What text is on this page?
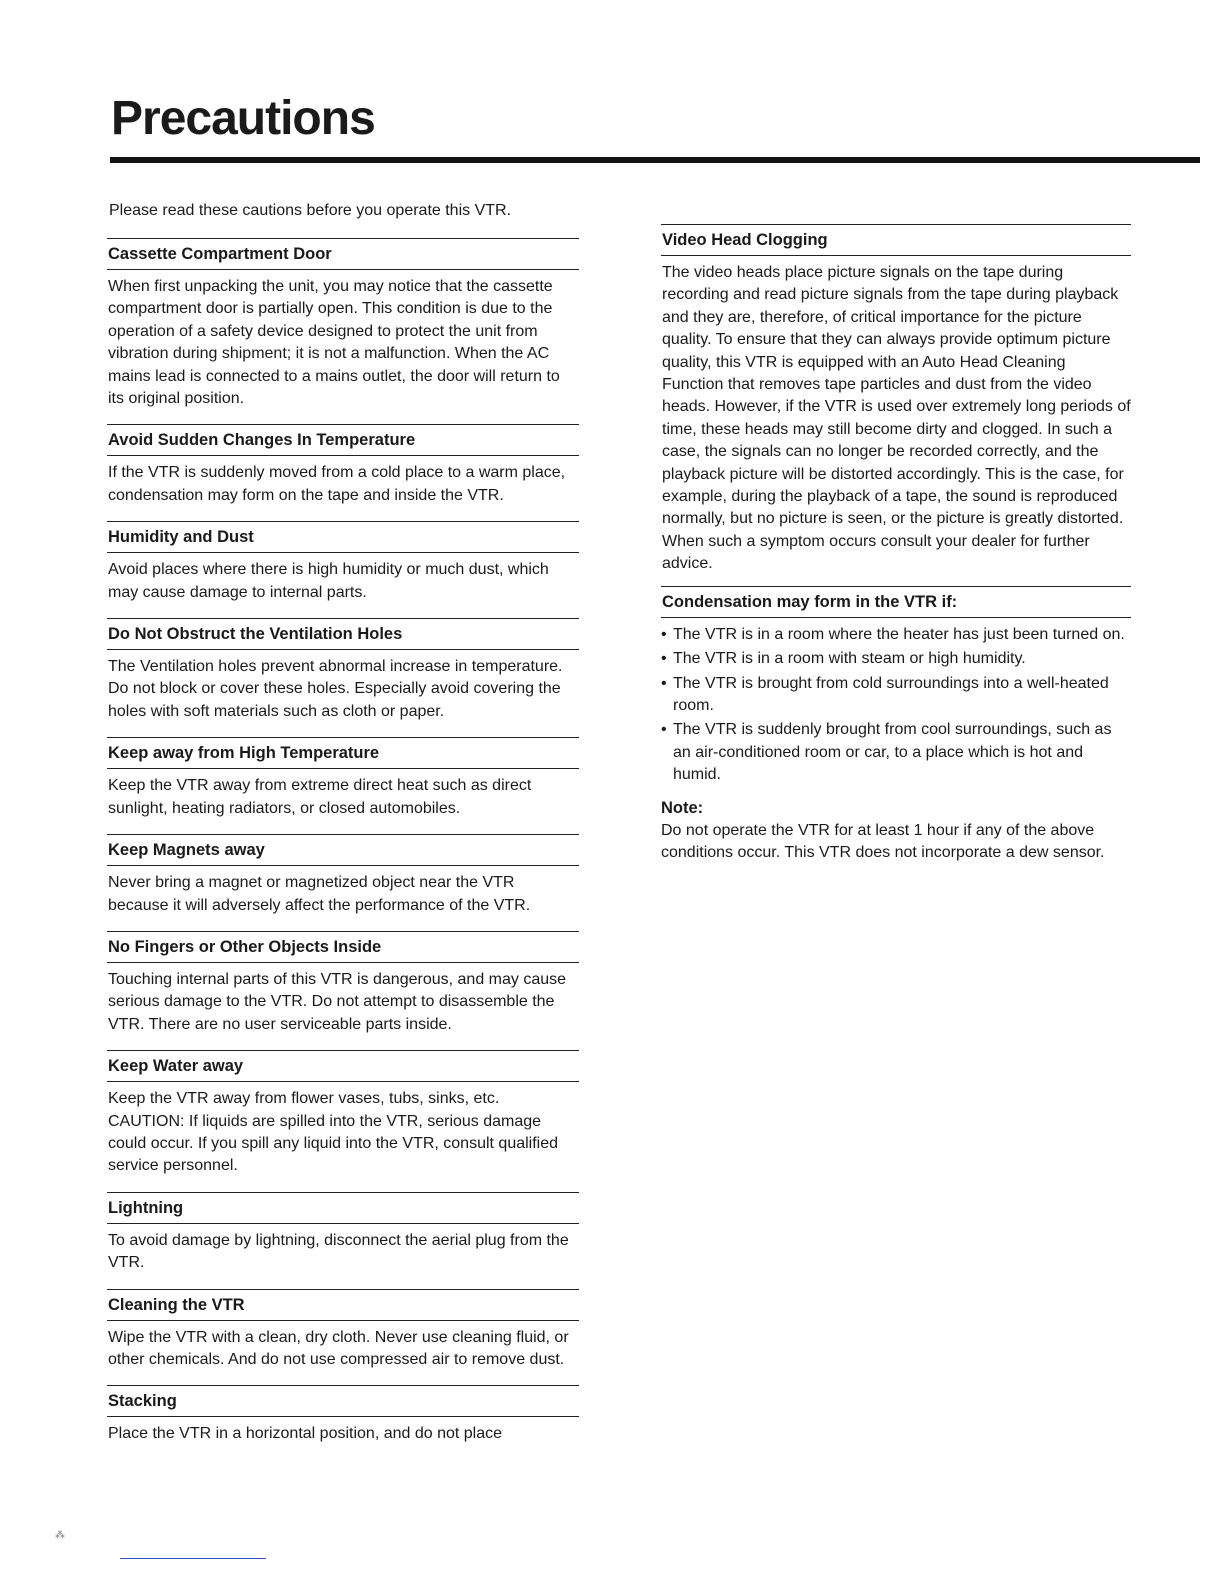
Precautions

Please read these cautions before you operate this VTR.

Cassette Compartment Door

When first unpacking the unit, you may notice that the cassette compartment door is partially open. This condition is due to the operation of a safety device designed to protect the unit from vibration during shipment; it is not a malfunction. When the AC mains lead is connected to a mains outlet, the door will return to its original position.

Avoid Sudden Changes In Temperature

If the VTR is suddenly moved from a cold place to a warm place, condensation may form on the tape and inside the VTR.

Humidity and Dust

Avoid places where there is high humidity or much dust, which may cause damage to internal parts.

Do Not Obstruct the Ventilation Holes

The Ventilation holes prevent abnormal increase in temperature. Do not block or cover these holes. Especially avoid covering the holes with soft materials such as cloth or paper.

Keep away from High Temperature

Keep the VTR away from extreme direct heat such as direct sunlight, heating radiators, or closed automobiles.

Keep Magnets away

Never bring a magnet or magnetized object near the VTR because it will adversely affect the performance of the VTR.

No Fingers or Other Objects Inside

Touching internal parts of this VTR is dangerous, and may cause serious damage to the VTR. Do not attempt to disassemble the VTR. There are no user serviceable parts inside.

Keep Water away

Keep the VTR away from flower vases, tubs, sinks, etc. CAUTION: If liquids are spilled into the VTR, serious damage could occur. If you spill any liquid into the VTR, consult qualified service personnel.

Lightning

To avoid damage by lightning, disconnect the aerial plug from the VTR.

Cleaning the VTR

Wipe the VTR with a clean, dry cloth. Never use cleaning fluid, or other chemicals. And do not use compressed air to remove dust.

Stacking

Place the VTR in a horizontal position, and do not place

Video Head Clogging

The video heads place picture signals on the tape during recording and read picture signals from the tape during playback and they are, therefore, of critical importance for the picture quality. To ensure that they can always provide optimum picture quality, this VTR is equipped with an Auto Head Cleaning Function that removes tape particles and dust from the video heads. However, if the VTR is used over extremely long periods of time, these heads may still become dirty and clogged. In such a case, the signals can no longer be recorded correctly, and the playback picture will be distorted accordingly. This is the case, for example, during the playback of a tape, the sound is reproduced normally, but no picture is seen, or the picture is greatly distorted. When such a symptom occurs consult your dealer for further advice.

Condensation may form in the VTR if:
• The VTR is in a room where the heater has just been turned on.
• The VTR is in a room with steam or high humidity.
• The VTR is brought from cold surroundings into a well-heated room.
• The VTR is suddenly brought from cool surroundings, such as an air-conditioned room or car, to a place which is hot and humid.
Note:

Do not operate the VTR for at least 1 hour if any of the above conditions occur. This VTR does not incorporate a dew sensor.

⁂
